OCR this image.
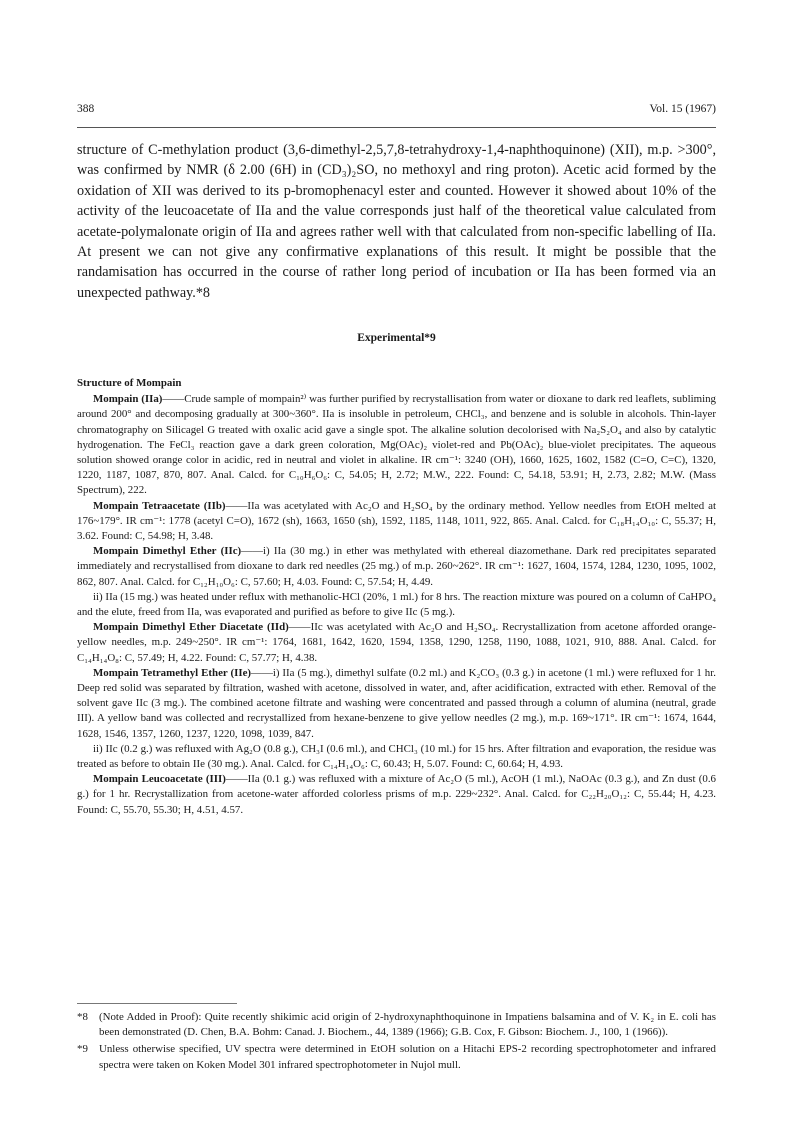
388	Vol. 15 (1967)

structure of C-methylation product (3,6-dimethyl-2,5,7,8-tetrahydroxy-1,4-naphthoquinone) (XII), m.p. >300°, was confirmed by NMR (δ 2.00 (6H) in (CD₃)₂SO, no methoxyl and ring proton). Acetic acid formed by the oxidation of XII was derived to its p-bromophenacyl ester and counted. However it showed about 10% of the activity of the leucoacetate of IIa and the value corresponds just half of the theoretical value calculated from acetate-polymalonate origin of IIa and agrees rather well with that calculated from non-specific labelling of IIa. At present we can not give any confirmative explanations of this result. It might be possible that the randamisation has occurred in the course of rather long period of incubation or IIa has been formed via an unexpected pathway.*8

Experimental*9

Structure of Mompain

Mompain (IIa)——Crude sample of mompain²⁾ was further purified by recrystallisation from water or dioxane to dark red leaflets, subliming around 200° and decomposing gradually at 300~360°. IIa is insoluble in petroleum, CHCl₃, and benzene and is soluble in alcohols. Thin-layer chromatography on Silicagel G treated with oxalic acid gave a single spot. The alkaline solution decolorised with Na₂S₂O₄ and also by catalytic hydrogenation. The FeCl₃ reaction gave a dark green coloration, Mg(OAc)₂ violet-red and Pb(OAc)₂ blue-violet precipitates. The aqueous solution showed orange color in acidic, red in neutral and violet in alkaline. IR cm⁻¹: 3240 (OH), 1660, 1625, 1602, 1582 (C=O, C=C), 1320, 1220, 1187, 1087, 870, 807. Anal. Calcd. for C₁₀H₆O₆: C, 54.05; H, 2.72; M.W., 222. Found: C, 54.18, 53.91; H, 2.73, 2.82; M.W. (Mass Spectrum), 222.

Mompain Tetraacetate (IIb)——IIa was acetylated with Ac₂O and H₂SO₄ by the ordinary method. Yellow needles from EtOH melted at 176~179°. IR cm⁻¹: 1778 (acetyl C=O), 1672 (sh), 1663, 1650 (sh), 1592, 1185, 1148, 1011, 922, 865. Anal. Calcd. for C₁₈H₁₄O₁₀: C, 55.37; H, 3.62. Found: C, 54.98; H, 3.48.

Mompain Dimethyl Ether (IIc)——i) IIa (30 mg.) in ether was methylated with ethereal diazomethane. Dark red precipitates separated immediately and recrystallised from dioxane to dark red needles (25 mg.) of m.p. 260~262°. IR cm⁻¹: 1627, 1604, 1574, 1284, 1230, 1095, 1002, 862, 807. Anal. Calcd. for C₁₂H₁₀O₆: C, 57.60; H, 4.03. Found: C, 57.54; H, 4.49.

ii) IIa (15 mg.) was heated under reflux with methanolic-HCl (20%, 1 ml.) for 8 hrs. The reaction mixture was poured on a column of CaHPO₄ and the elute, freed from IIa, was evaporated and purified as before to give IIc (5 mg.).

Mompain Dimethyl Ether Diacetate (IId)——IIc was acetylated with Ac₂O and H₂SO₄. Recrystallization from acetone afforded orange-yellow needles, m.p. 249~250°. IR cm⁻¹: 1764, 1681, 1642, 1620, 1594, 1358, 1290, 1258, 1190, 1088, 1021, 910, 888. Anal. Calcd. for C₁₄H₁₄O₈: C, 57.49; H, 4.22. Found: C, 57.77; H, 4.38.

Mompain Tetramethyl Ether (IIe)——i) IIa (5 mg.), dimethyl sulfate (0.2 ml.) and K₂CO₃ (0.3 g.) in acetone (1 ml.) were refluxed for 1 hr. Deep red solid was separated by filtration, washed with acetone, dissolved in water, and, after acidification, extracted with ether. Removal of the solvent gave IIc (3 mg.). The combined acetone filtrate and washing were concentrated and passed through a column of alumina (neutral, grade III). A yellow band was collected and recrystallized from hexane-benzene to give yellow needles (2 mg.), m.p. 169~171°. IR cm⁻¹: 1674, 1644, 1628, 1546, 1357, 1260, 1237, 1220, 1098, 1039, 847.

ii) IIc (0.2 g.) was refluxed with Ag₂O (0.8 g.), CH₃I (0.6 ml.), and CHCl₃ (10 ml.) for 15 hrs. After filtration and evaporation, the residue was treated as before to obtain IIe (30 mg.). Anal. Calcd. for C₁₄H₁₄O₆: C, 60.43; H, 5.07. Found: C, 60.64; H, 4.93.

Mompain Leucoacetate (III)——IIa (0.1 g.) was refluxed with a mixture of Ac₂O (5 ml.), AcOH (1 ml.), NaOAc (0.3 g.), and Zn dust (0.6 g.) for 1 hr. Recrystallization from acetone-water afforded colorless prisms of m.p. 229~232°. Anal. Calcd. for C₂₂H₂₀O₁₂: C, 55.44; H, 4.23. Found: C, 55.70, 55.30; H, 4.51, 4.57.

*8 (Note Added in Proof): Quite recently shikimic acid origin of 2-hydroxynaphthoquinone in Impatiens balsamina and of V. K₂ in E. coli has been demonstrated (D. Chen, B.A. Bohm: Canad. J. Biochem., 44, 1389 (1966); G.B. Cox, F. Gibson: Biochem. J., 100, 1 (1966)).
*9 Unless otherwise specified, UV spectra were determined in EtOH solution on a Hitachi EPS-2 recording spectrophotometer and infrared spectra were taken on Koken Model 301 infrared spectrophotometer in Nujol mull.
